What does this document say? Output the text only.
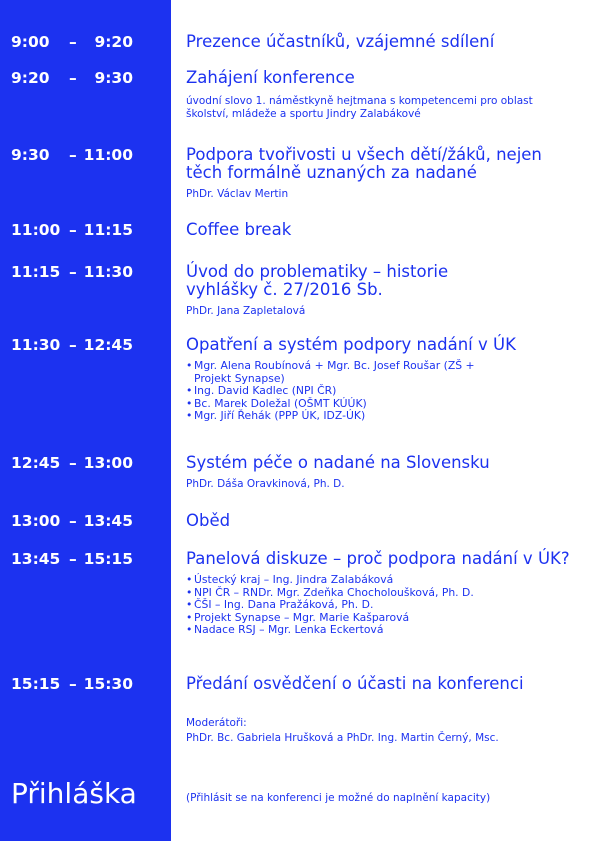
9:00 – 9:20	Prezence účastníků, vzájemné sdílení
9:20 – 9:30	Zahájení konference
úvodní slovo 1. náměstkyně hejtmana s kompetencemi pro oblast školství, mládeže a sportu Jindry Zalabákové
9:30 – 11:00	Podpora tvořivosti u všech dětí/žáků, nejen těch formálně uznaných za nadané
PhDr. Václav Mertin
11:00 – 11:15	Coffee break
11:15 – 11:30	Úvod do problematiky – historie vyhlášky č. 27/2016 Sb.
PhDr. Jana Zapletalová
11:30 – 12:45	Opatření a systém podpory nadání v ÚK
• Mgr. Alena Roubínová + Mgr. Bc. Josef Roušar (ZŠ + Projekt Synapse)
• Ing. David Kadlec (NPI ČR)
• Bc. Marek Doležal (OŠMT KÚÚK)
• Mgr. Jiří Řehák (PPP ÚK, IDZ-ÚK)
12:45 – 13:00	Systém péče o nadané na Slovensku
PhDr. Dáša Oravkinová, Ph. D.
13:00 – 13:45	Oběd
13:45 – 15:15	Panelová diskuze – proč podpora nadání v ÚK?
• Ústecký kraj – Ing. Jindra Zalabáková
• NPI ČR – RNDr. Mgr. Zdeňka Chocholoušková, Ph. D.
• ČŠI – Ing. Dana Pražáková, Ph. D.
• Projekt Synapse – Mgr. Marie Kašparová
• Nadace RSJ – Mgr. Lenka Eckertová
15:15 – 15:30	Předání osvědčení o účasti na konferenci
Moderátoři:
PhDr. Bc. Gabriela Hrušková a PhDr. Ing. Martin Černý, Msc.
Přihláška	(Přihlásit se na konferenci je možné do naplnění kapacity)
